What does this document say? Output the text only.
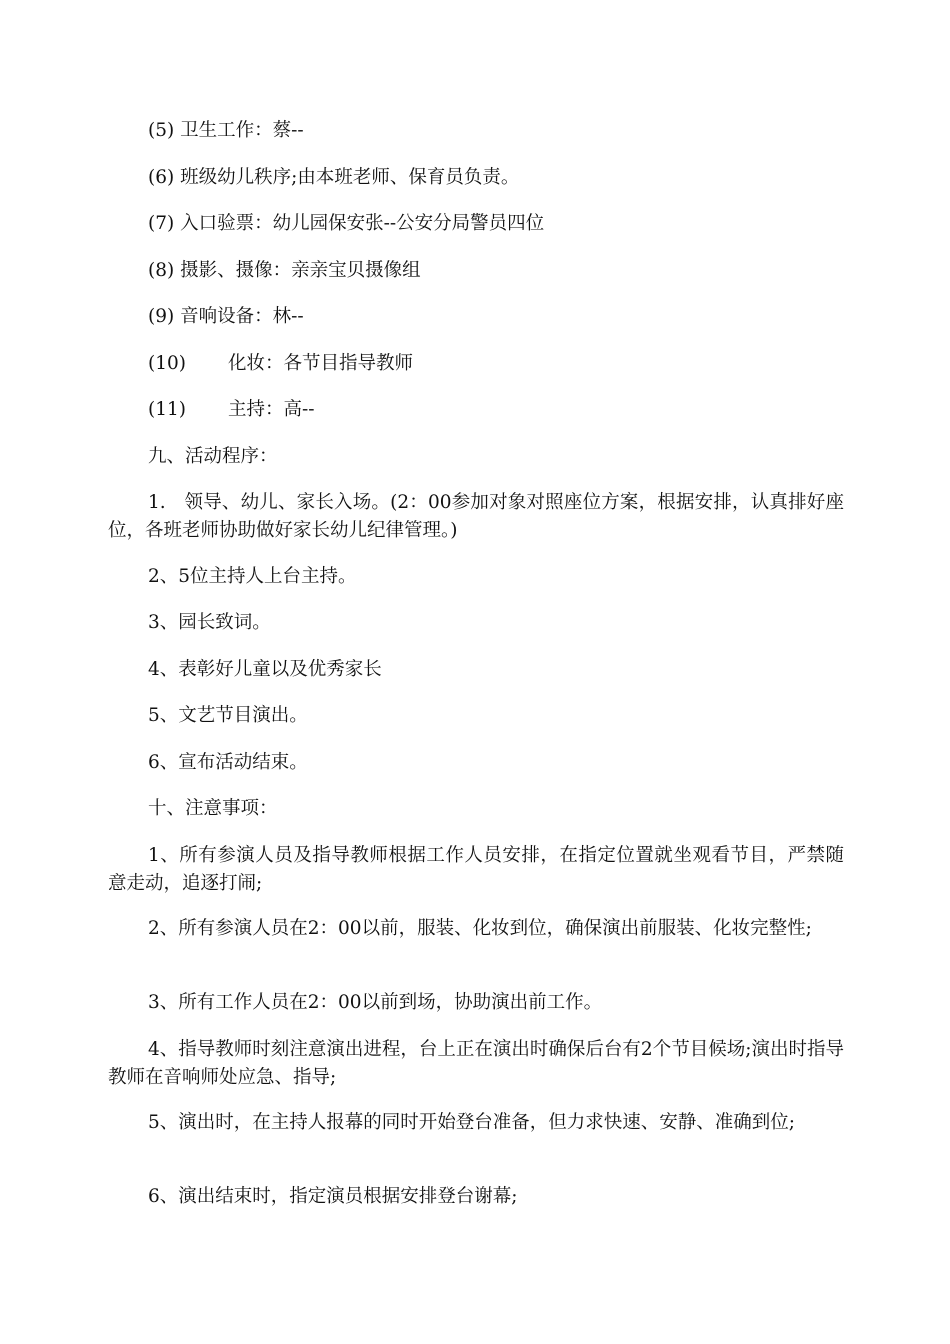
(5) 卫生工作：蔡--
(6) 班级幼儿秩序;由本班老师、保育员负责。
(7) 入口验票：幼儿园保安张--公安分局警员四位
(8) 摄影、摄像：亲亲宝贝摄像组
(9) 音响设备：林--
(10) 化妆：各节目指导教师
(11) 主持：高--
九、活动程序：
1.　领导、幼儿、家长入场。(2：00参加对象对照座位方案，根据安排，认真排好座位，各班老师协助做好家长幼儿纪律管理。)
2、5位主持人上台主持。
3、园长致词。
4、表彰好儿童以及优秀家长
5、文艺节目演出。
6、宣布活动结束。
十、注意事项：
1、所有参演人员及指导教师根据工作人员安排，在指定位置就坐观看节目，严禁随意走动，追逐打闹;
2、所有参演人员在2：00以前，服装、化妆到位，确保演出前服装、化妆完整性;
3、所有工作人员在2：00以前到场，协助演出前工作。
4、指导教师时刻注意演出进程，台上正在演出时确保后台有2个节目候场;演出时指导教师在音响师处应急、指导;
5、演出时，在主持人报幕的同时开始登台准备，但力求快速、安静、准确到位;
6、演出结束时，指定演员根据安排登台谢幕;
